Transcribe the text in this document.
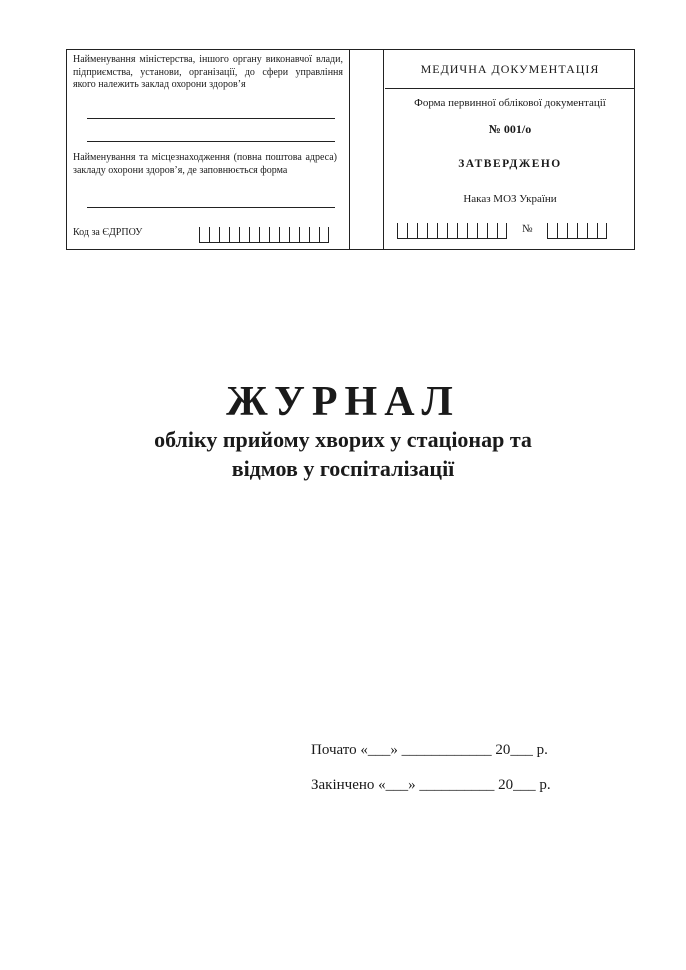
Найменування міністерства, іншого органу виконавчої влади, підприємства, установи, організації, до сфери управління якого належить заклад охорони здоров’я

Найменування та місцезнаходження (повна поштова адреса) закладу охорони здоров’я, де заповнюється форма

Код за ЄДРПОУ
МЕДИЧНА ДОКУМЕНТАЦІЯ
Форма первинної облікової документації
№ 001/о
ЗАТВЕРДЖЕНО
Наказ МОЗ України
№
ЖУРНАЛ
обліку прийому хворих у стаціонар та
відмов у госпіталізації

Почато «___» ____________ 20___ р.

Закінчено «___» __________ 20___ р.
